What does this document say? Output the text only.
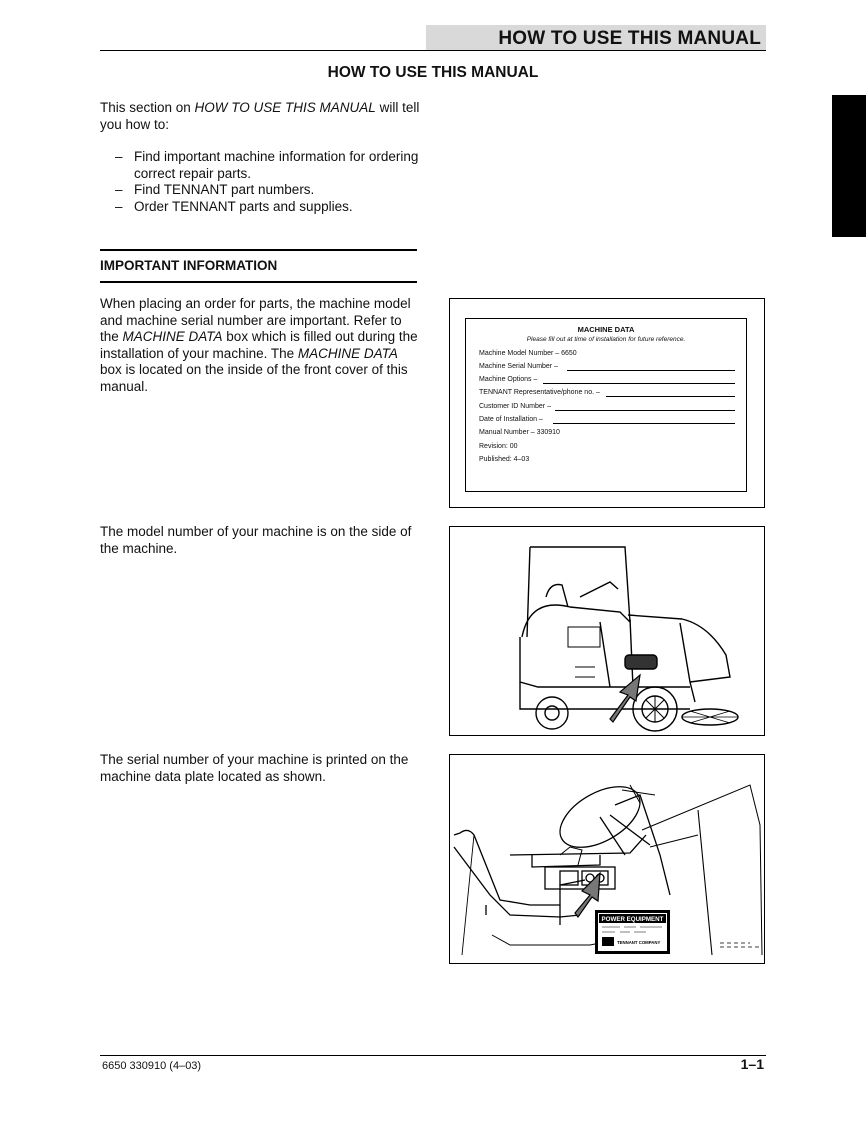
HOW TO USE THIS MANUAL
HOW TO USE THIS MANUAL
This section on HOW TO USE THIS MANUAL will tell you how to:
– Find important machine information for ordering correct repair parts.
– Find TENNANT part numbers.
– Order TENNANT parts and supplies.
IMPORTANT INFORMATION
When placing an order for parts, the machine model and machine serial number are important. Refer to the MACHINE DATA box which is filled out during the installation of your machine. The MACHINE DATA box is located on the inside of the front cover of this manual.
The model number of your machine is on the side of the machine.
The serial number of your machine is printed on the machine data plate located as shown.
MACHINE DATA
Please fill out at time of installation for future reference.
Machine Model Number – 6650
Machine Serial Number –
Machine Options –
TENNANT Representative/phone no. –
Customer ID Number –
Date of Installation –
Manual Number – 330910
Revision: 00
Published: 4–03
POWER EQUIPMENT
TENNANT COMPANY
6650 330910 (4–03)	1–1
